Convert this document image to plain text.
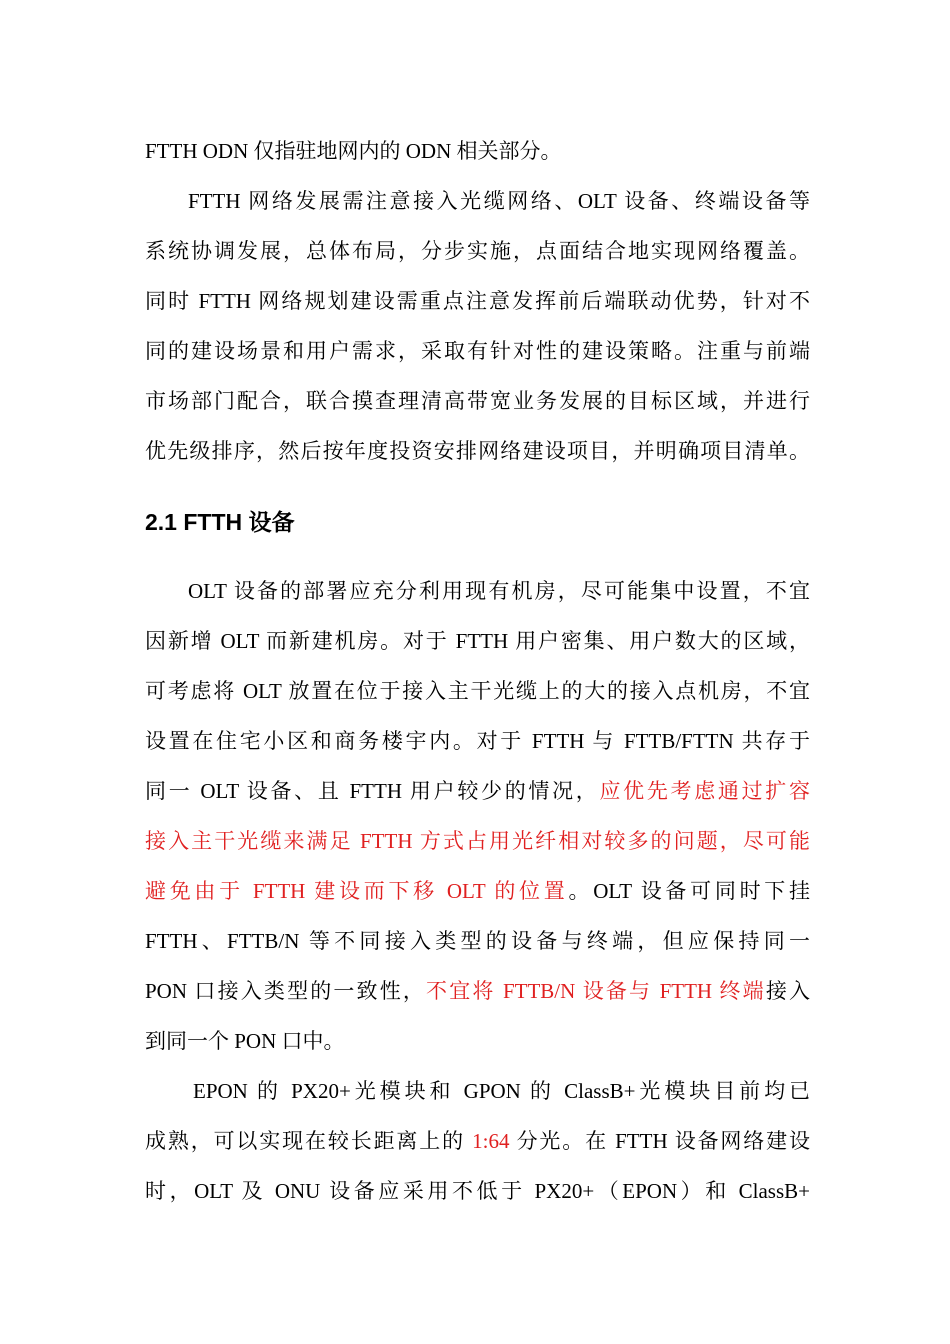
FTTH ODN 仅指驻地网内的 ODN 相关部分。
FTTH 网络发展需注意接入光缆网络、OLT 设备、终端设备等
系统协调发展，总体布局，分步实施，点面结合地实现网络覆盖。
同时 FTTH 网络规划建设需重点注意发挥前后端联动优势，针对不
同的建设场景和用户需求，采取有针对性的建设策略。注重与前端
市场部门配合，联合摸查理清高带宽业务发展的目标区域，并进行
优先级排序，然后按年度投资安排网络建设项目，并明确项目清单。
2.1 FTTH 设备
OLT 设备的部署应充分利用现有机房，尽可能集中设置，不宜
因新增 OLT 而新建机房。对于 FTTH 用户密集、用户数大的区域，
可考虑将 OLT 放置在位于接入主干光缆上的大的接入点机房，不宜
设置在住宅小区和商务楼宇内。对于 FTTH 与 FTTB/FTTN 共存于
同一 OLT 设备、且 FTTH 用户较少的情况，应优先考虑通过扩容
接入主干光缆来满足 FTTH 方式占用光纤相对较多的问题，尽可能
避免由于 FTTH 建设而下移 OLT 的位置。OLT 设备可同时下挂
FTTH、FTTB/N 等不同接入类型的设备与终端，但应保持同一
PON 口接入类型的一致性，不宜将 FTTB/N 设备与 FTTH 终端接入
到同一个 PON 口中。
EPON 的 PX20+光模块和 GPON 的 ClassB+光模块目前均已
成熟，可以实现在较长距离上的 1:64 分光。在 FTTH 设备网络建设
时，OLT 及 ONU 设备应采用不低于 PX20+（EPON）和 ClassB+
